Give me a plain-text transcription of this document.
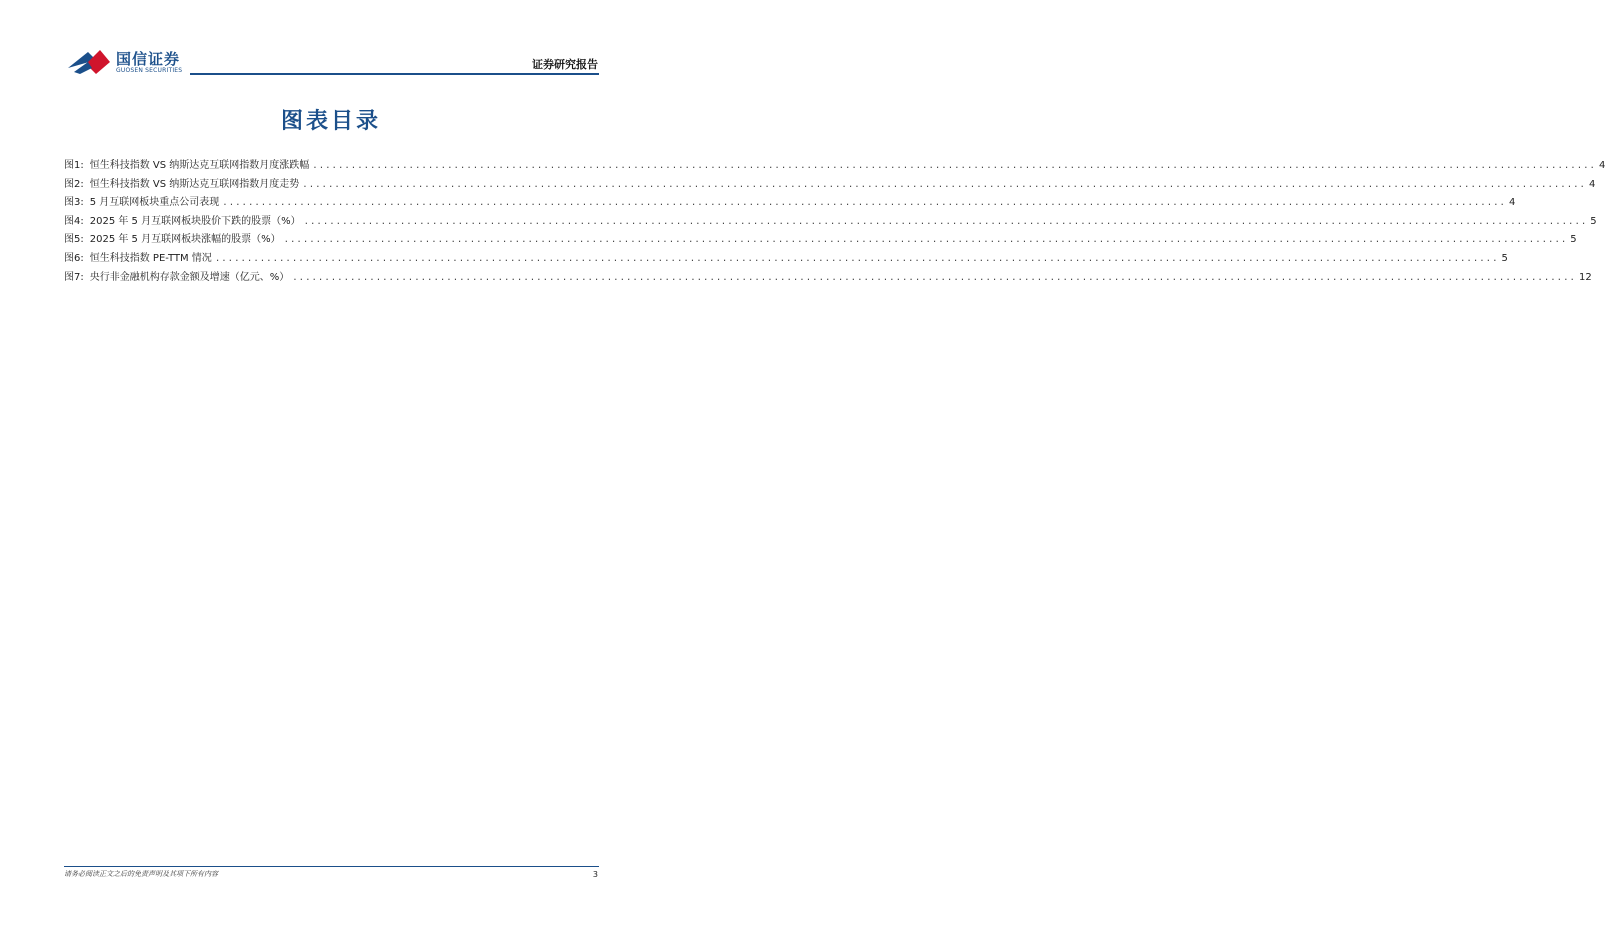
国信证券
GUOSEN SECURITIES	证券研究报告
图表目录
图1: 恒生科技指数 VS 纳斯达克互联网指数月度涨跌幅 ........................................................................................................................................................................................................ 4
图2: 恒生科技指数 VS 纳斯达克互联网指数月度走势 ........................................................................................................................................................................................................ 4
图3: 5 月互联网板块重点公司表现 ........................................................................................................................................................................................................ 4
图4: 2025 年 5 月互联网板块股价下跌的股票（%） ........................................................................................................................................................................................................ 5
图5: 2025 年 5 月互联网板块涨幅的股票（%） ........................................................................................................................................................................................................ 5
图6: 恒生科技指数 PE-TTM 情况 ........................................................................................................................................................................................................ 5
图7: 央行非金融机构存款金额及增速（亿元、%） ........................................................................................................................................................................................................ 12
请务必阅读正文之后的免责声明及其项下所有内容	3
